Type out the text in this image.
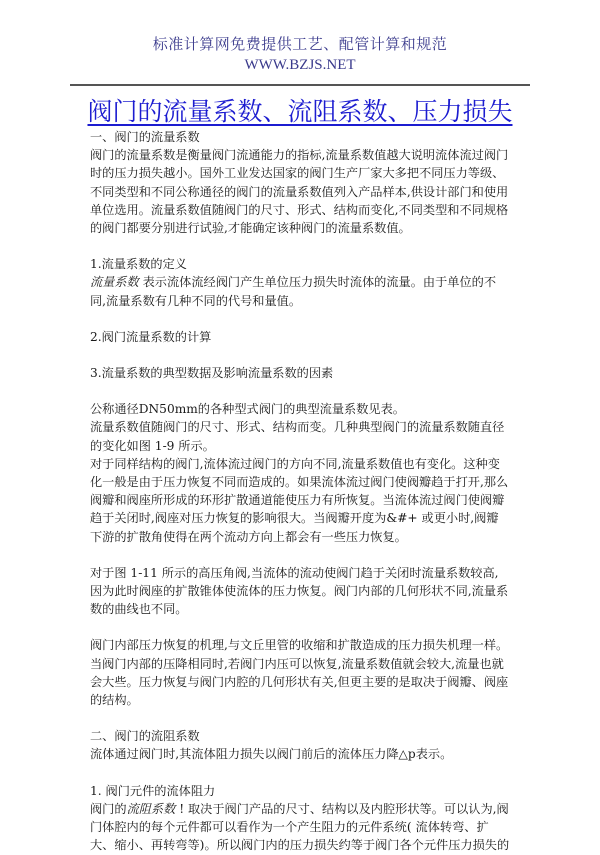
标准计算网免费提供工艺、配管计算和规范
WWW.BZJS.NET
阀门的流量系数、流阻系数、压力损失

一、阀门的流量系数

阀门的流量系数是衡量阀门流通能力的指标,流量系数值越大说明流体流过阀门时的压力损失越小。国外工业发达国家的阀门生产厂家大多把不同压力等级、不同类型和不同公称通径的阀门的流量系数值列入产品样本,供设计部门和使用单位选用。流量系数值随阀门的尺寸、形式、结构而变化,不同类型和不同规格的阀门都要分别进行试验,才能确定该种阀门的流量系数值。

1.流量系数的定义

流量系数 表示流体流经阀门产生单位压力损失时流体的流量。由于单位的不同,流量系数有几种不同的代号和量值。

2.阀门流量系数的计算

3.流量系数的典型数据及影响流量系数的因素

公称通径DN50mm的各种型式阀门的典型流量系数见表。

流量系数值随阀门的尺寸、形式、结构而变。几种典型阀门的流量系数随直径的变化如图 1-9 所示。

对于同样结构的阀门,流体流过阀门的方向不同,流量系数值也有变化。这种变化一般是由于压力恢复不同而造成的。如果流体流过阀门使阀瓣趋于打开,那么阀瓣和阀座所形成的环形扩散通道能使压力有所恢复。当流体流过阀门使阀瓣趋于关闭时,阀座对压力恢复的影响很大。当阀瓣开度为&#+ 或更小时,阀瓣下游的扩散角使得在两个流动方向上都会有一些压力恢复。

对于图 1-11 所示的高压角阀,当流体的流动使阀门趋于关闭时流量系数较高,因为此时阀座的扩散锥体使流体的压力恢复。阀门内部的几何形状不同,流量系数的曲线也不同。

阀门内部压力恢复的机理,与文丘里管的收缩和扩散造成的压力损失机理一样。当阀门内部的压降相同时,若阀门内压可以恢复,流量系数值就会较大,流量也就会大些。压力恢复与阀门内腔的几何形状有关,但更主要的是取决于阀瓣、阀座的结构。

二、阀门的流阻系数

流体通过阀门时,其流体阻力损失以阀门前后的流体压力降△p表示。

1. 阀门元件的流体阻力

阀门的流阻系数 ! 取决于阀门产品的尺寸、结构以及内腔形状等。可以认为,阀门体腔内的每个元件都可以看作为一个产生阻力的元件系统( 流体转弯、扩大、缩小、再转弯等)。所以阀门内的压力损失约等于阀门各个元件压力损失的
